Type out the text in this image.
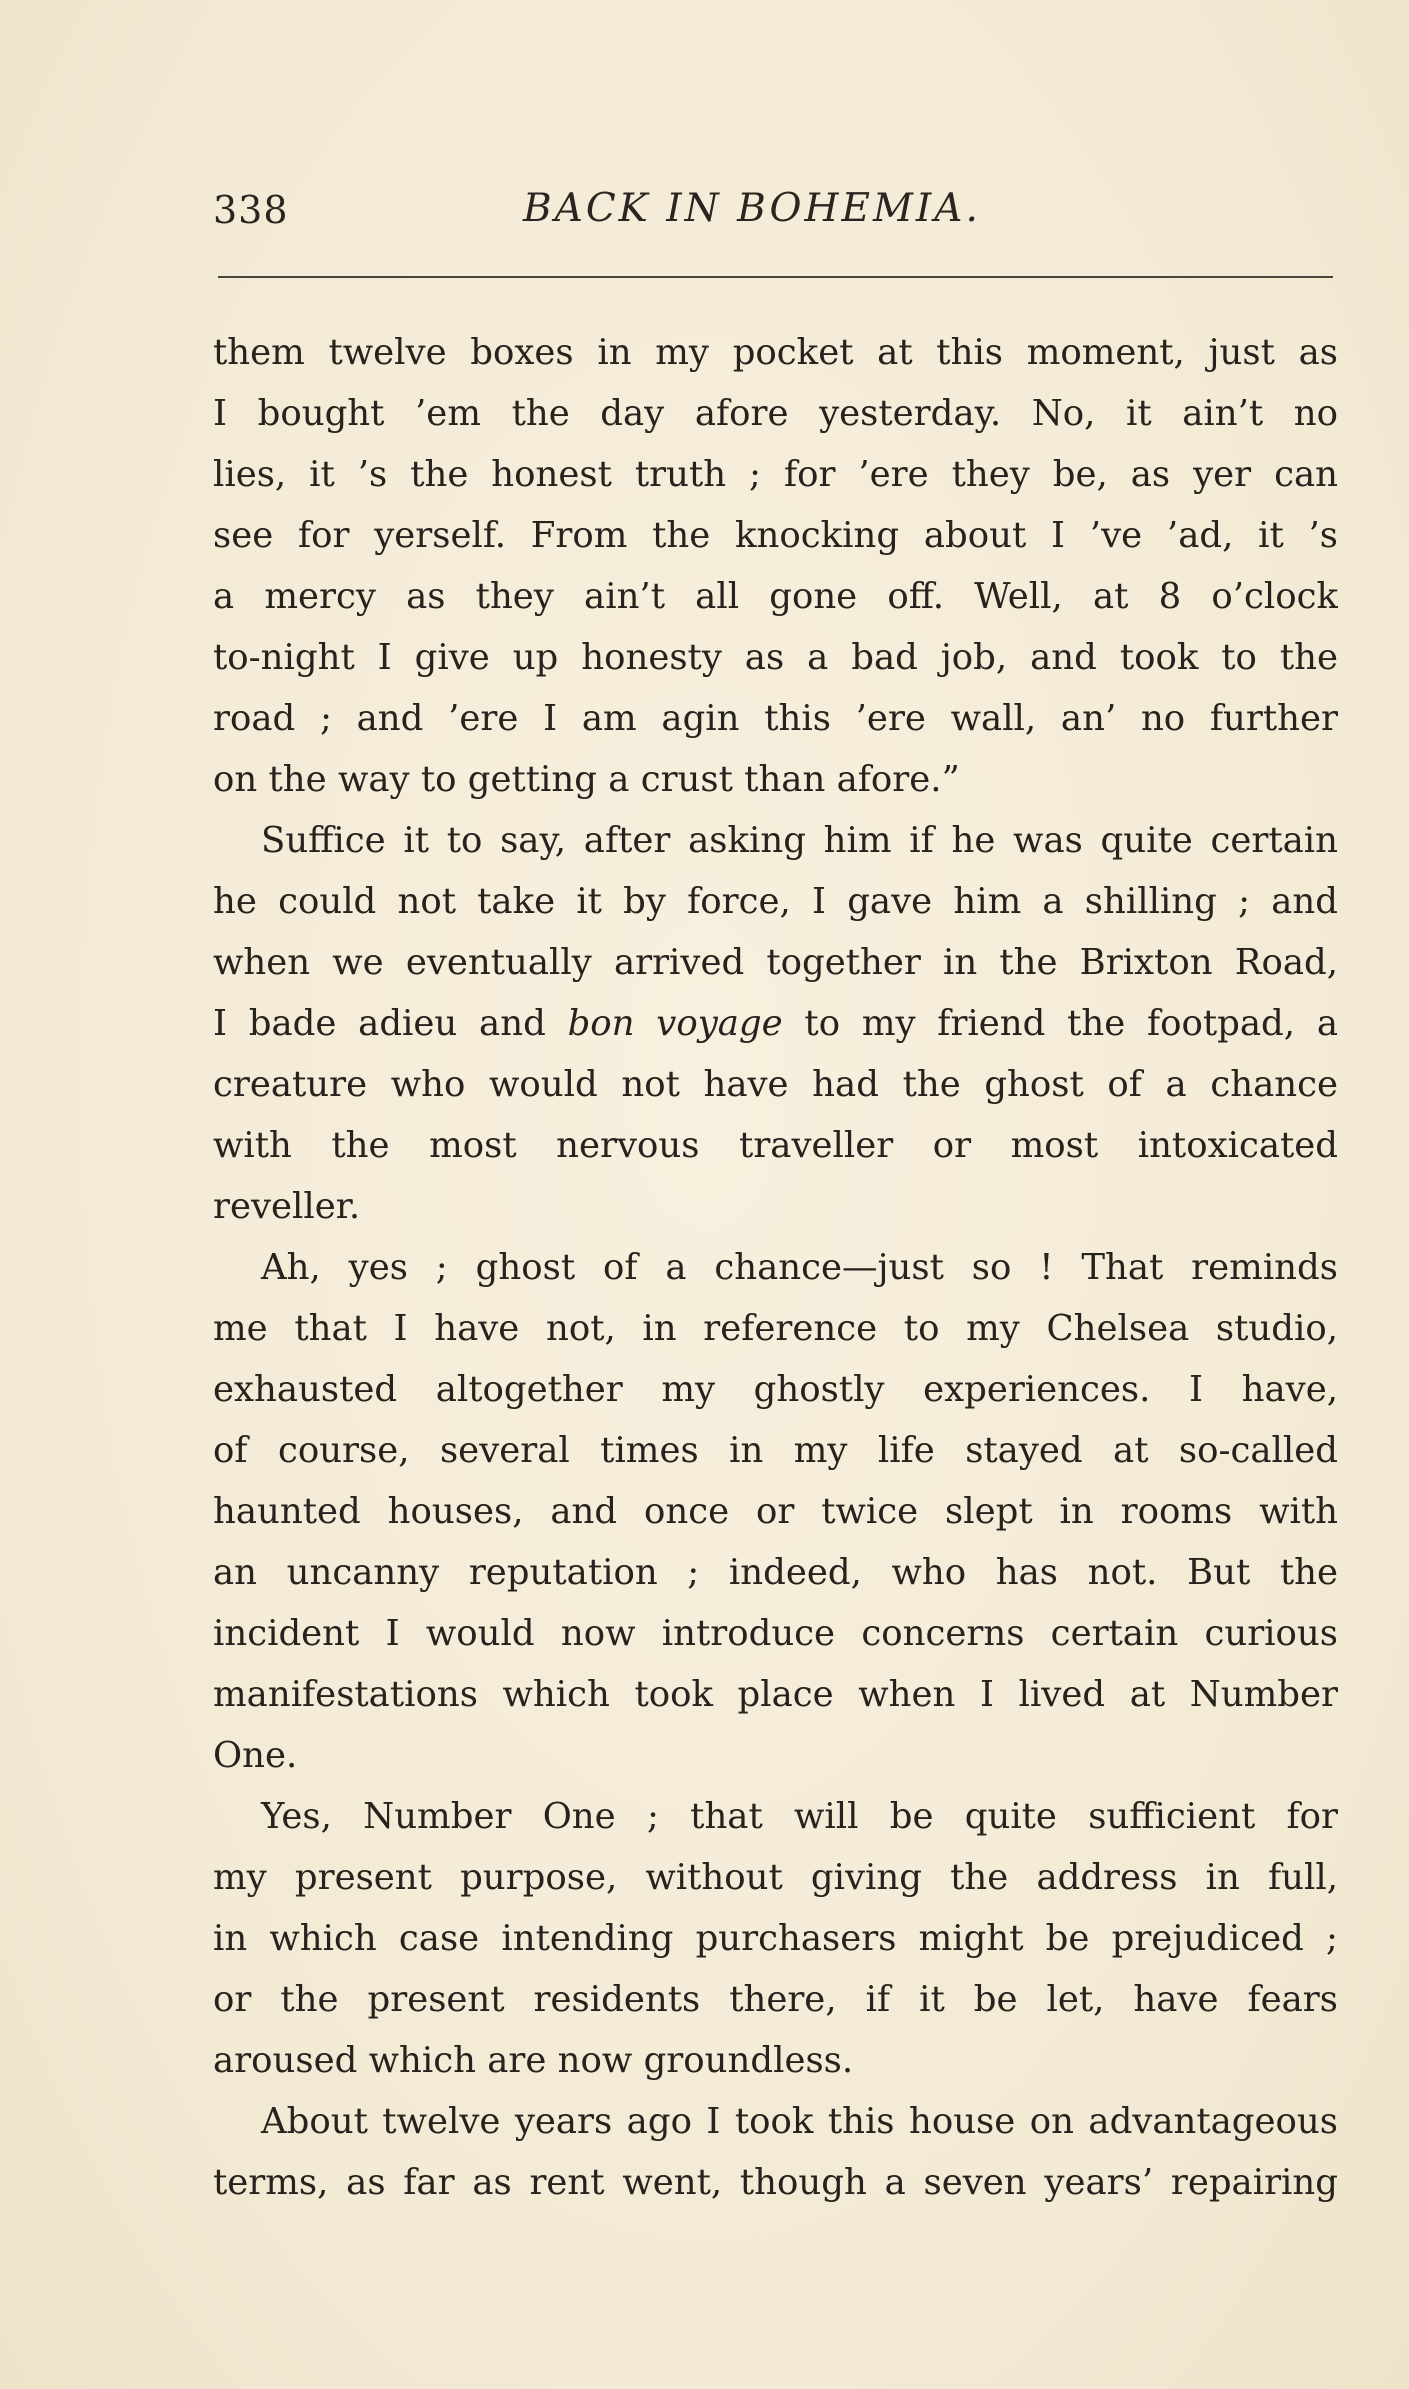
338	BACK IN BOHEMIA.
them twelve boxes in my pocket at this moment, just as
I bought ’em the day afore yesterday. No, it ain’t no
lies, it ’s the honest truth ; for ’ere they be, as yer can
see for yerself. From the knocking about I ’ve ’ad, it ’s
a mercy as they ain’t all gone off. Well, at 8 o’clock
to-night I give up honesty as a bad job, and took to the
road ; and ’ere I am agin this ’ere wall, an’ no further
on the way to getting a crust than afore.”
Suffice it to say, after asking him if he was quite certain
he could not take it by force, I gave him a shilling ; and
when we eventually arrived together in the Brixton Road,
I bade adieu and bon voyage to my friend the footpad, a
creature who would not have had the ghost of a chance
with the most nervous traveller or most intoxicated
reveller.
Ah, yes ; ghost of a chance—just so ! That reminds
me that I have not, in reference to my Chelsea studio,
exhausted altogether my ghostly experiences. I have,
of course, several times in my life stayed at so-called
haunted houses, and once or twice slept in rooms with
an uncanny reputation ; indeed, who has not. But the
incident I would now introduce concerns certain curious
manifestations which took place when I lived at Number
One.
Yes, Number One ; that will be quite sufficient for
my present purpose, without giving the address in full,
in which case intending purchasers might be prejudiced ;
or the present residents there, if it be let, have fears
aroused which are now groundless.
About twelve years ago I took this house on advantageous
terms, as far as rent went, though a seven years’ repairing
